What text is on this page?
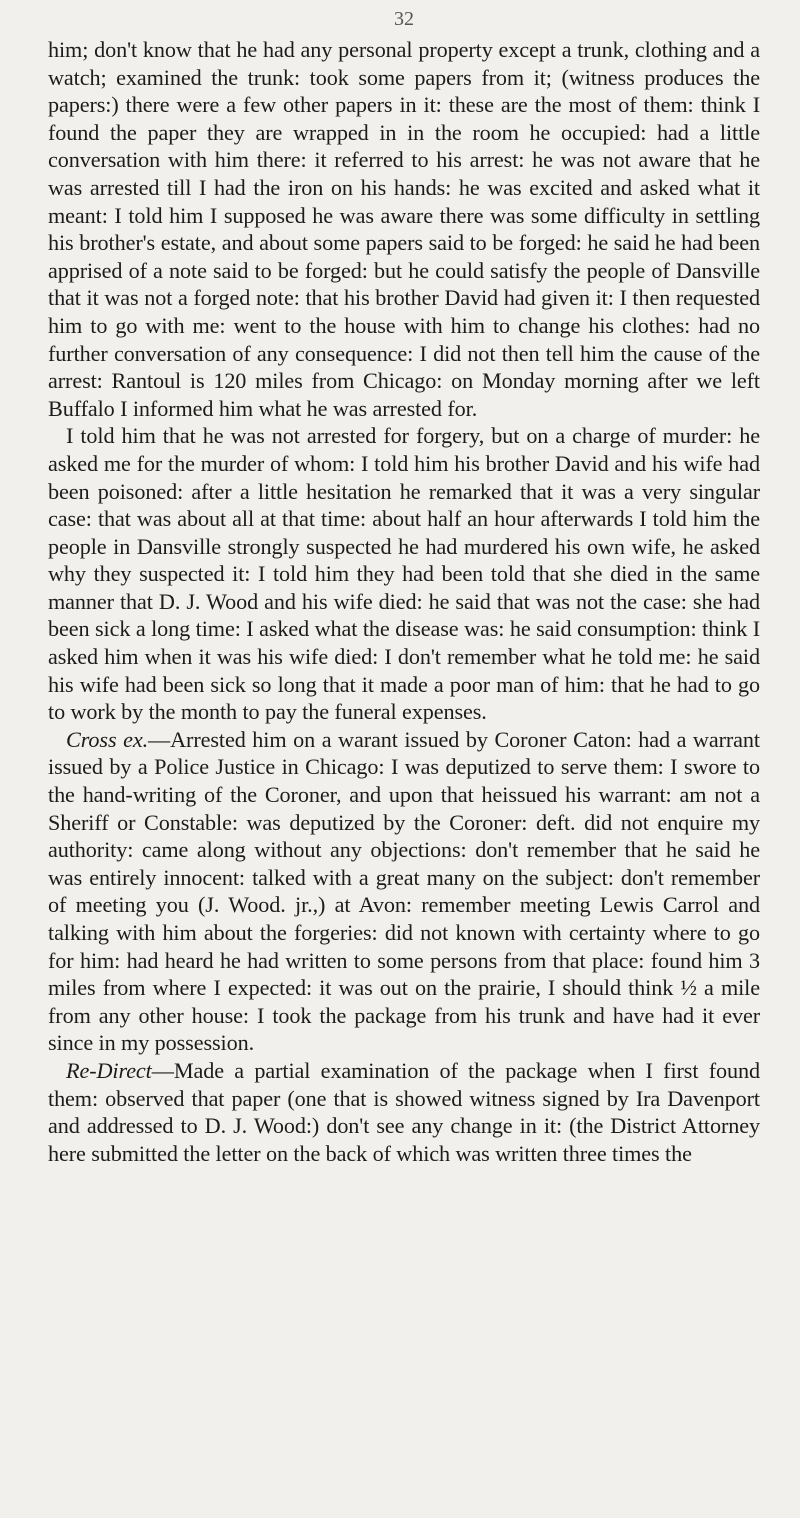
32

him; don't know that he had any personal property except a trunk, clothing and a watch; examined the trunk: took some papers from it; (witness produces the papers:) there were a few other papers in it: these are the most of them: think I found the paper they are wrapped in in the room he occupied: had a little conversation with him there: it referred to his arrest: he was not aware that he was arrested till I had the iron on his hands: he was excited and asked what it meant: I told him I supposed he was aware there was some difficulty in settling his brother's estate, and about some papers said to be forged: he said he had been apprised of a note said to be forged: but he could satisfy the people of Dansville that it was not a forged note: that his brother David had given it: I then requested him to go with me: went to the house with him to change his clothes: had no further conversation of any consequence: I did not then tell him the cause of the arrest: Rantoul is 120 miles from Chicago: on Monday morning after we left Buffalo I informed him what he was arrested for.

I told him that he was not arrested for forgery, but on a charge of murder: he asked me for the murder of whom: I told him his brother David and his wife had been poisoned: after a little hesitation he remarked that it was a very singular case: that was about all at that time: about half an hour afterwards I told him the people in Dansville strongly suspected he had murdered his own wife, he asked why they suspected it: I told him they had been told that she died in the same manner that D. J. Wood and his wife died: he said that was not the case: she had been sick a long time: I asked what the disease was: he said consumption: think I asked him when it was his wife died: I don't remember what he told me: he said his wife had been sick so long that it made a poor man of him: that he had to go to work by the month to pay the funeral expenses.

Cross ex.—Arrested him on a warant issued by Coroner Caton: had a warrant issued by a Police Justice in Chicago: I was deputized to serve them: I swore to the hand-writing of the Coroner, and upon that heissued his warrant: am not a Sheriff or Constable: was deputized by the Coroner: deft. did not enquire my authority: came along without any objections: don't remember that he said he was entirely innocent: talked with a great many on the subject: don't remember of meeting you (J. Wood. jr.,) at Avon: remember meeting Lewis Carrol and talking with him about the forgeries: did not known with certainty where to go for him: had heard he had written to some persons from that place: found him 3 miles from where I expected: it was out on the prairie, I should think ½ a mile from any other house: I took the package from his trunk and have had it ever since in my possession.

Re-Direct—Made a partial examination of the package when I first found them: observed that paper (one that is showed witness signed by Ira Davenport and addressed to D. J. Wood:) don't see any change in it: (the District Attorney here submitted the letter on the back of which was written three times the
